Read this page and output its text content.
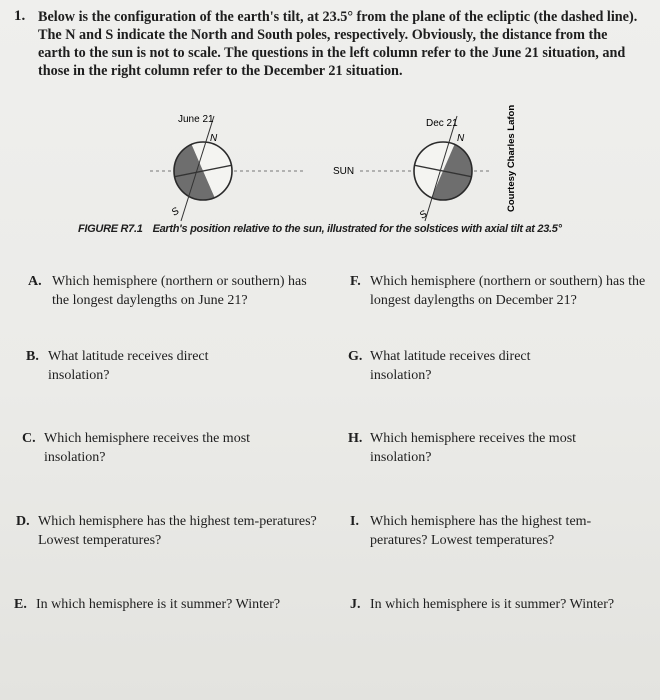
1. Below is the configuration of the earth's tilt, at 23.5° from the plane of the ecliptic (the dashed line). The N and S indicate the North and South poles, respectively. Obviously, the distance from the earth to the sun is not to scale. The questions in the left column refer to the June 21 situation, and those in the right column refer to the December 21 situation.
June 21	Dec 21
SUN
N	N
S	S
Courtesy Charles Lafon
FIGURE R7.1 Earth's position relative to the sun, illustrated for the solstices with axial tilt at 23.5°
A. Which hemisphere (northern or southern) has the longest daylengths on June 21?
B. What latitude receives direct insolation?
C. Which hemisphere receives the most insolation?
D. Which hemisphere has the highest tem-peratures? Lowest temperatures?
E. In which hemisphere is it summer? Winter?
F. Which hemisphere (northern or southern) has the longest daylengths on December 21?
G. What latitude receives direct insolation?
H. Which hemisphere receives the most insolation?
I. Which hemisphere has the highest tem-peratures? Lowest temperatures?
J. In which hemisphere is it summer? Winter?
